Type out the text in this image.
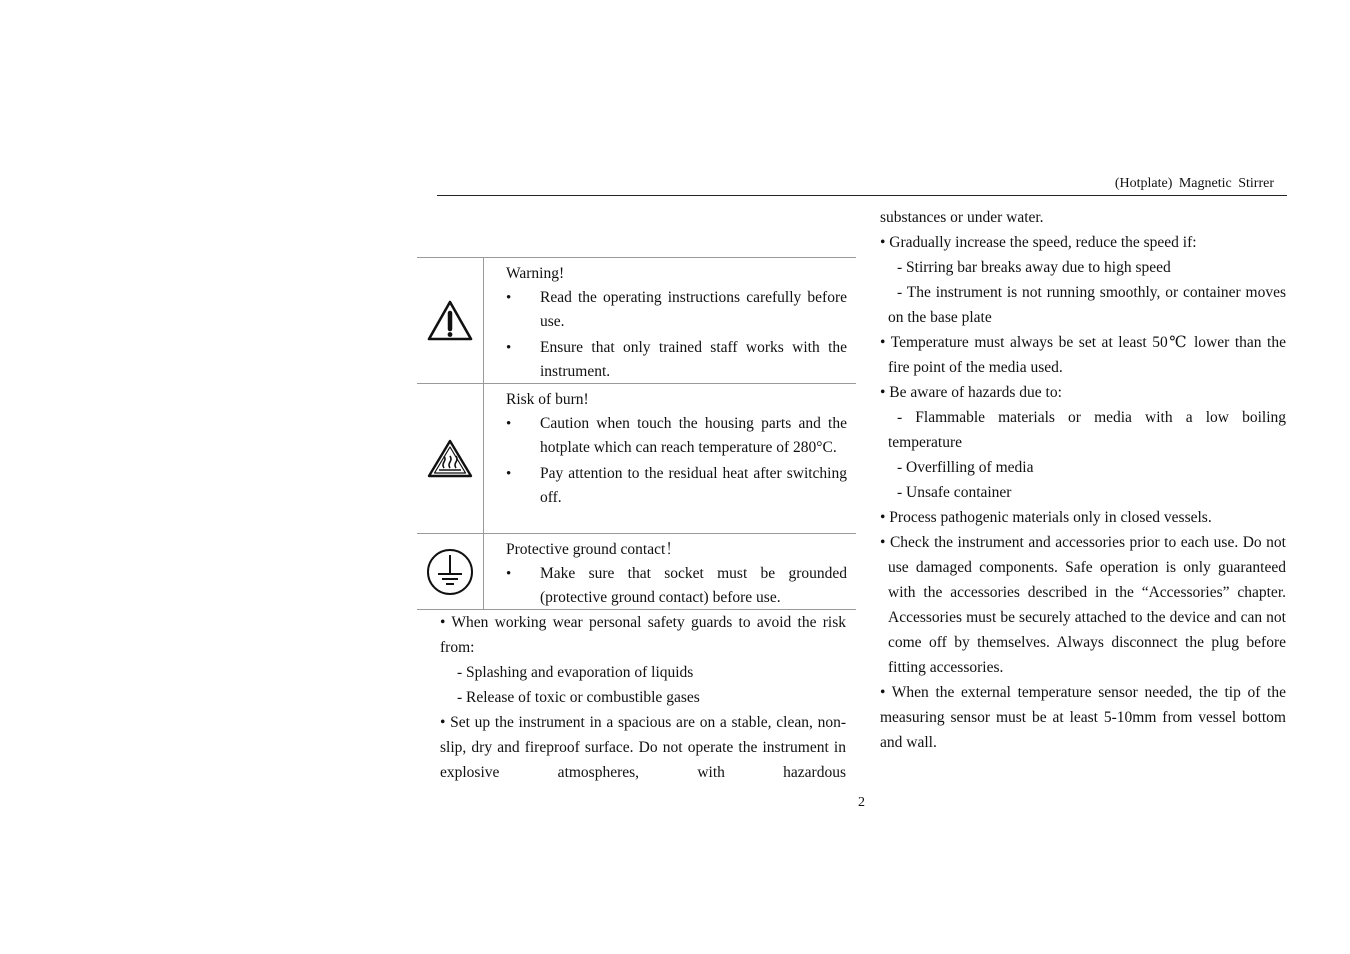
(Hotplate) Magnetic Stirrer
Warning!
• Read the operating instructions carefully before use.
• Ensure that only trained staff works with the instrument.
Risk of burn!
• Caution when touch the housing parts and the hotplate which can reach temperature of 280°C.
• Pay attention to the residual heat after switching off.
Protective ground contact！
• Make sure that socket must be grounded (protective ground contact) before use.

• When working wear personal safety guards to avoid the risk from:

- Splashing and evaporation of liquids

- Release of toxic or combustible gases

• Set up the instrument in a spacious are on a stable, clean, non-slip, dry and fireproof surface. Do not operate the instrument in explosive atmospheres, with hazardous

substances or under water.

• Gradually increase the speed, reduce the speed if:

- Stirring bar breaks away due to high speed

- The instrument is not running smoothly, or container moves on the base plate

• Temperature must always be set at least 50℃ lower than the fire point of the media used.

• Be aware of hazards due to:

- Flammable materials or media with a low boiling temperature

- Overfilling of media

- Unsafe container

• Process pathogenic materials only in closed vessels.

• Check the instrument and accessories prior to each use. Do not use damaged components. Safe operation is only guaranteed with the accessories described in the “Accessories” chapter. Accessories must be securely attached to the device and can not come off by themselves. Always disconnect the plug before fitting accessories.

• When the external temperature sensor needed, the tip of the measuring sensor must be at least 5-10mm from vessel bottom and wall.

2
